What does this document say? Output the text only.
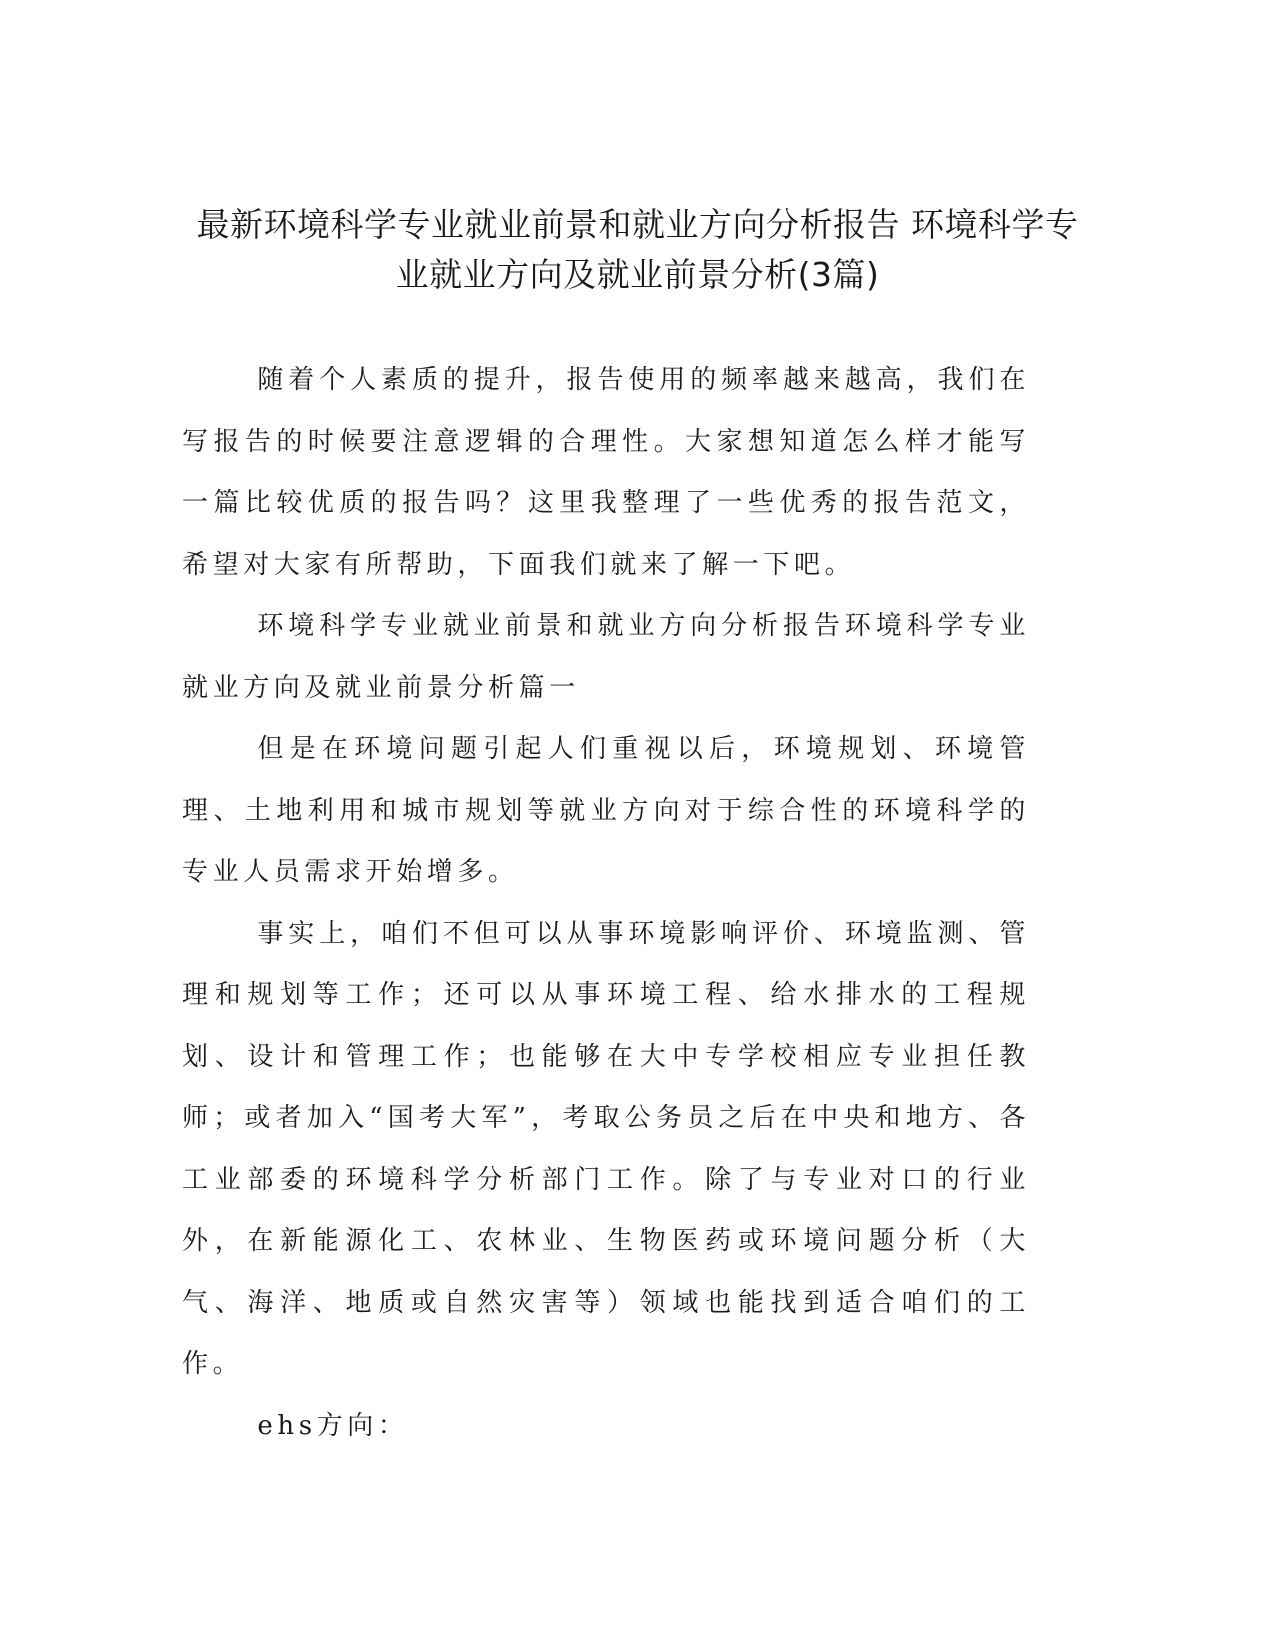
最新环境科学专业就业前景和就业方向分析报告 环境科学专业就业方向及就业前景分析(3篇)

随着个人素质的提升，报告使用的频率越来越高，我们在写报告的时候要注意逻辑的合理性。大家想知道怎么样才能写一篇比较优质的报告吗？这里我整理了一些优秀的报告范文，希望对大家有所帮助，下面我们就来了解一下吧。

环境科学专业就业前景和就业方向分析报告环境科学专业就业方向及就业前景分析篇一

但是在环境问题引起人们重视以后，环境规划、环境管理、土地利用和城市规划等就业方向对于综合性的环境科学的专业人员需求开始增多。

事实上，咱们不但可以从事环境影响评价、环境监测、管理和规划等工作；还可以从事环境工程、给水排水的工程规划、设计和管理工作；也能够在大中专学校相应专业担任教师；或者加入“国考大军”，考取公务员之后在中央和地方、各工业部委的环境科学分析部门工作。除了与专业对口的行业外，在新能源化工、农林业、生物医药或环境问题分析（大气、海洋、地质或自然灾害等）领域也能找到适合咱们的工作。

ehs方向：
